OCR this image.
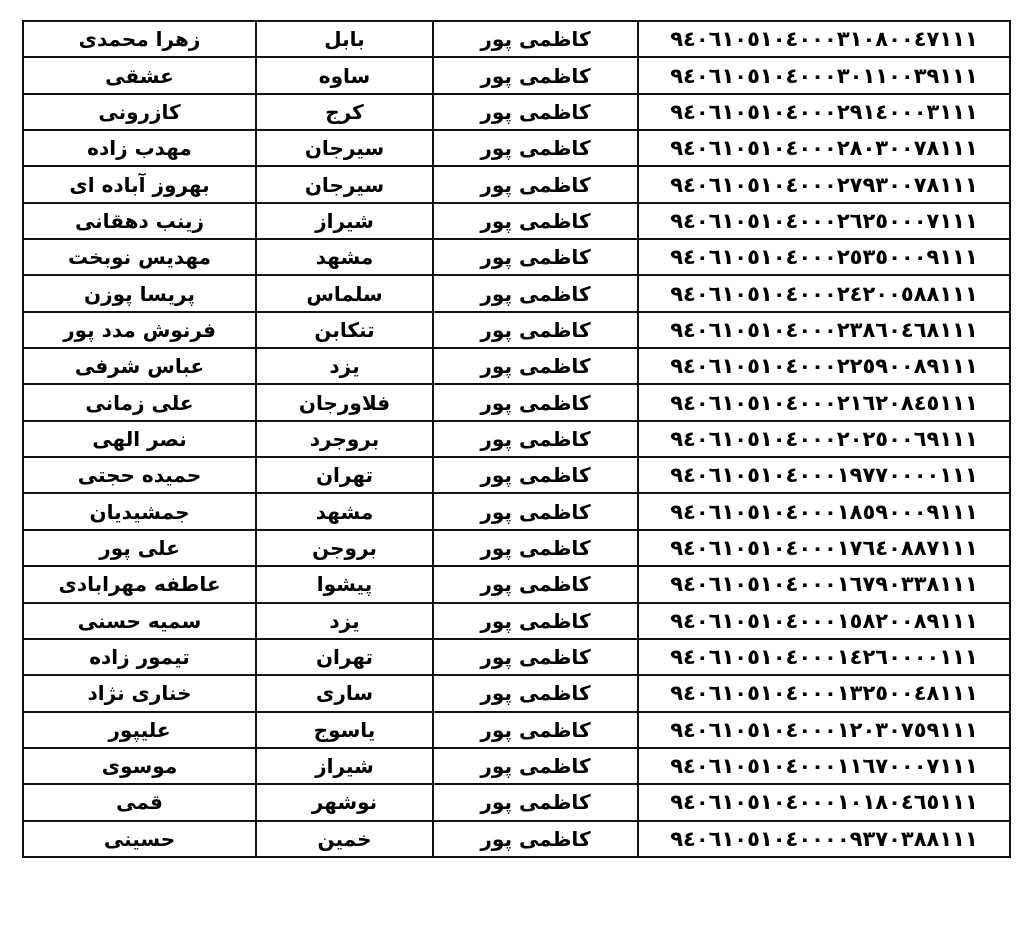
زهرا محمدی	بابل	کاظمی پور	۹٤۰٦۱۰٥۱۰٤۰۰۰۳۱۰۸۰۰٤۷۱۱۱
عشقی	ساوه	کاظمی پور	۹٤۰٦۱۰٥۱۰٤۰۰۰۳۰۱۱۰۰۳۹۱۱۱
کازرونی	کرج	کاظمی پور	۹٤۰٦۱۰٥۱۰٤۰۰۰۲۹۱٤۰۰۰۳۱۱۱
مهدب زاده	سیرجان	کاظمی پور	۹٤۰٦۱۰٥۱۰٤۰۰۰۲۸۰۳۰۰۷۸۱۱۱
بهروز آباده ای	سیرجان	کاظمی پور	۹٤۰٦۱۰٥۱۰٤۰۰۰۲۷۹۳۰۰۷۸۱۱۱
زینب دهقانی	شیراز	کاظمی پور	۹٤۰٦۱۰٥۱۰٤۰۰۰۲٦۲٥۰۰۰۷۱۱۱
مهدیس نوبخت	مشهد	کاظمی پور	۹٤۰٦۱۰٥۱۰٤۰۰۰۲٥۳٥۰۰۰۹۱۱۱
پریسا پوزن	سلماس	کاظمی پور	۹٤۰٦۱۰٥۱۰٤۰۰۰۲٤۲۰۰٥۸۸۱۱۱
فرنوش مدد پور	تنکابن	کاظمی پور	۹٤۰٦۱۰٥۱۰٤۰۰۰۲۳۸٦۰٤٦۸۱۱۱
عباس شرفی	یزد	کاظمی پور	۹٤۰٦۱۰٥۱۰٤۰۰۰۲۲٥۹۰۰۸۹۱۱۱
علی زمانی	فلاورجان	کاظمی پور	۹٤۰٦۱۰٥۱۰٤۰۰۰۲۱٦۲۰۸٤٥۱۱۱
نصر الهی	بروجرد	کاظمی پور	۹٤۰٦۱۰٥۱۰٤۰۰۰۲۰۲٥۰۰٦۹۱۱۱
حمیده حجتی	تهران	کاظمی پور	۹٤۰٦۱۰٥۱۰٤۰۰۰۱۹۷۷۰۰۰۰۱۱۱
جمشیدیان	مشهد	کاظمی پور	۹٤۰٦۱۰٥۱۰٤۰۰۰۱۸٥۹۰۰۰۹۱۱۱
علی پور	بروجن	کاظمی پور	۹٤۰٦۱۰٥۱۰٤۰۰۰۱۷٦٤۰۸۸۷۱۱۱
عاطفه مهرابادی	پیشوا	کاظمی پور	۹٤۰٦۱۰٥۱۰٤۰۰۰۱٦۷۹۰۳۳۸۱۱۱
سمیه حسنی	یزد	کاظمی پور	۹٤۰٦۱۰٥۱۰٤۰۰۰۱٥۸۲۰۰۸۹۱۱۱
تیمور زاده	تهران	کاظمی پور	۹٤۰٦۱۰٥۱۰٤۰۰۰۱٤۲٦۰۰۰۰۱۱۱
خناری نژاد	ساری	کاظمی پور	۹٤۰٦۱۰٥۱۰٤۰۰۰۱۳۲٥۰۰٤۸۱۱۱
علیپور	یاسوج	کاظمی پور	۹٤۰٦۱۰٥۱۰٤۰۰۰۱۲۰۳۰۷٥۹۱۱۱
موسوی	شیراز	کاظمی پور	۹٤۰٦۱۰٥۱۰٤۰۰۰۱۱٦۷۰۰۰۷۱۱۱
قمی	نوشهر	کاظمی پور	۹٤۰٦۱۰٥۱۰٤۰۰۰۱۰۱۸۰٤٦٥۱۱۱
حسینی	خمین	کاظمی پور	۹٤۰٦۱۰٥۱۰٤۰۰۰۰۹۳۷۰۳۸۸۱۱۱
